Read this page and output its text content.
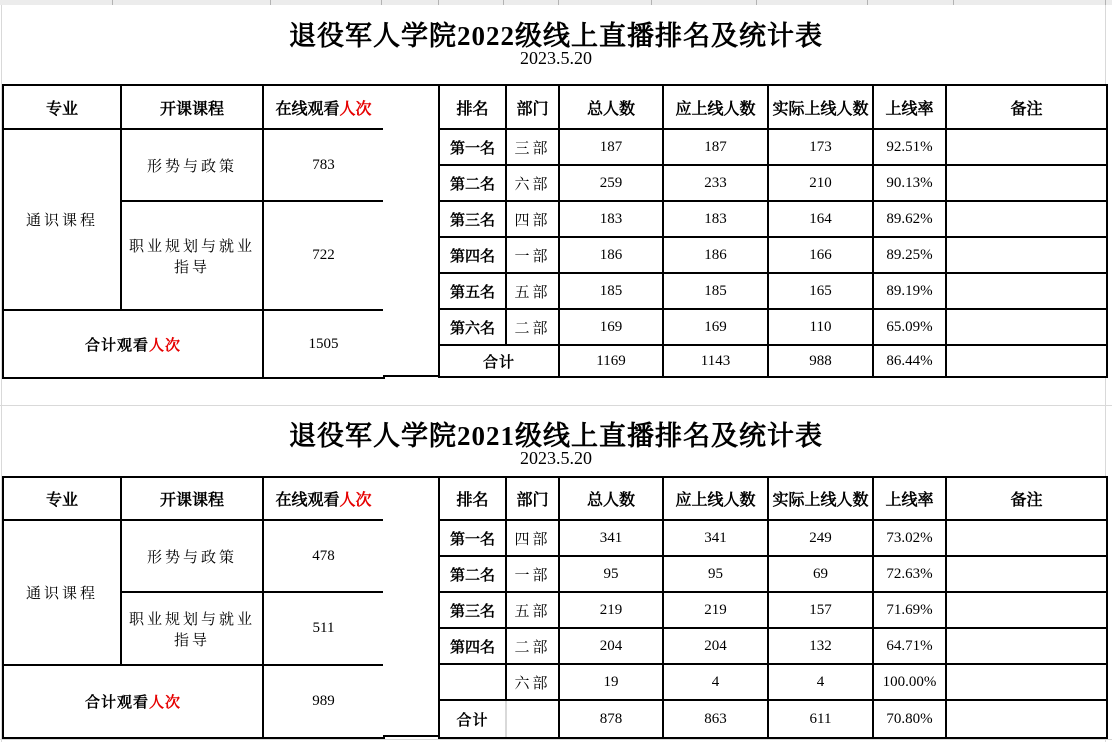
退役军人学院2022级线上直播排名及统计表
2023.5.20
专业	开课课程	在线观看人次
通识课程	形势与政策	783
	职业规划与就业指导	722
合计观看人次		1505
排名	部门	总人数	应上线人数	实际上线人数	上线率	备注
第一名	三部	187	187	173	92.51%	
第二名	六部	259	233	210	90.13%	
第三名	四部	183	183	164	89.62%	
第四名	一部	186	186	166	89.25%	
第五名	五部	185	185	165	89.19%	
第六名	二部	169	169	110	65.09%	
合计		1169	1143	988	86.44%	
退役军人学院2021级线上直播排名及统计表
2023.5.20
专业	开课课程	在线观看人次
通识课程	形势与政策	478
	职业规划与就业指导	511
合计观看人次		989
排名	部门	总人数	应上线人数	实际上线人数	上线率	备注
第一名	四部	341	341	249	73.02%	
第二名	一部	95	95	69	72.63%	
第三名	五部	219	219	157	71.69%	
第四名	二部	204	204	132	64.71%	
	六部	19	4	4	100.00%	
合计		878	863	611	70.80%	
